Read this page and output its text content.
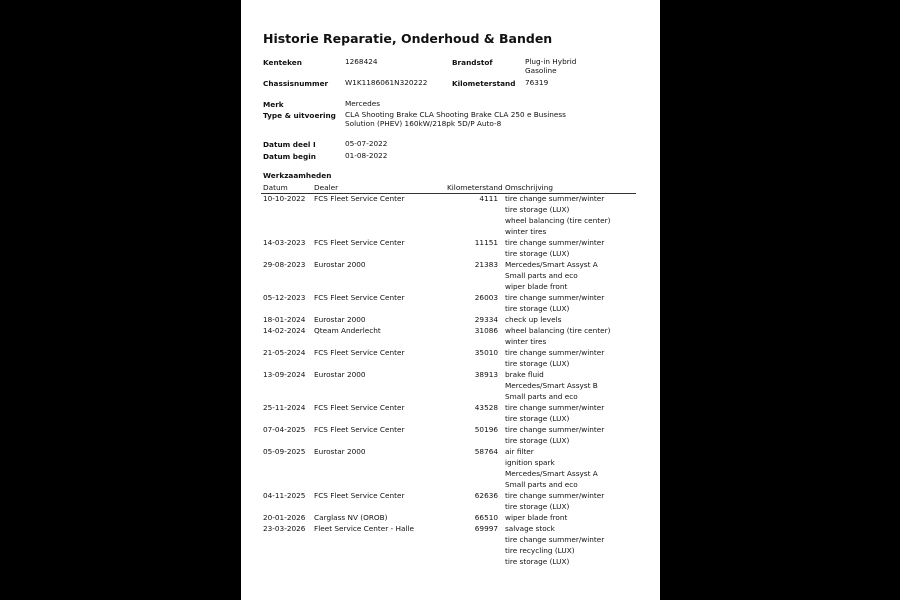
Historie Reparatie, Onderhoud & Banden
Kenteken	1268424	Brandstof	Plug-in Hybrid
Gasoline
Chassisnummer W1K1186061N320222	Kilometerstand 76319
Merk	Mercedes
Type & uitvoering CLA Shooting Brake CLA Shooting Brake CLA 250 e Business
Solution (PHEV) 160kW/218pk 5D/P Auto-8
Datum deel I	05-07-2022
Datum begin	01-08-2022
Werkzaamheden
Datum	Dealer	Kilometerstand Omschrijving
10-10-2022 FCS Fleet Service Center	4111 tire change summer/winter
tire storage (LUX)
wheel balancing (tire center)
winter tires
14-03-2023 FCS Fleet Service Center	11151 tire change summer/winter
tire storage (LUX)
29-08-2023 Eurostar 2000	21383 Mercedes/Smart Assyst A
Small parts and eco
wiper blade front
05-12-2023 FCS Fleet Service Center	26003 tire change summer/winter
tire storage (LUX)
18-01-2024 Eurostar 2000	29334 check up levels
14-02-2024 Qteam Anderlecht	31086 wheel balancing (tire center)
winter tires
21-05-2024 FCS Fleet Service Center	35010 tire change summer/winter
tire storage (LUX)
13-09-2024 Eurostar 2000	38913 brake fluid
Mercedes/Smart Assyst B
Small parts and eco
25-11-2024 FCS Fleet Service Center	43528 tire change summer/winter
tire storage (LUX)
07-04-2025 FCS Fleet Service Center	50196 tire change summer/winter
tire storage (LUX)
05-09-2025 Eurostar 2000	58764 air filter
ignition spark
Mercedes/Smart Assyst A
Small parts and eco
04-11-2025 FCS Fleet Service Center	62636 tire change summer/winter
tire storage (LUX)
20-01-2026 Carglass NV (OROB)	66510 wiper blade front
23-03-2026 Fleet Service Center - Halle	69997 salvage stock
tire change summer/winter
tire recycling (LUX)
tire storage (LUX)
